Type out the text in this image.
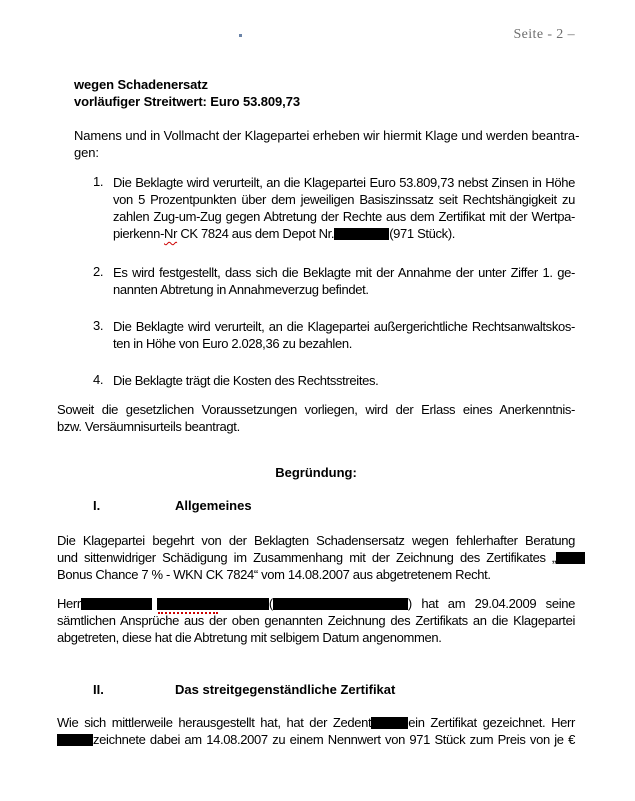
Seite - 2 –
wegen Schadenersatz
vorläufiger Streitwert: Euro 53.809,73
Namens und in Vollmacht der Klagepartei erheben wir hiermit Klage und werden beantra-
gen:
1. Die Beklagte wird verurteilt, an die Klagepartei Euro 53.809,73 nebst Zinsen in Höhe
von 5 Prozentpunkten über dem jeweiligen Basiszinssatz seit Rechtshängigkeit zu
zahlen Zug-um-Zug gegen Abtretung der Rechte aus dem Zertifikat mit der Wertpa-
pierkenn-Nr CK 7824 aus dem Depot Nr.	(971 Stück).
2. Es wird festgestellt, dass sich die Beklagte mit der Annahme der unter Ziffer 1. ge-
nannten Abtretung in Annahmeverzug befindet.
3. Die Beklagte wird verurteilt, an die Klagepartei außergerichtliche Rechtsanwaltskos-
ten in Höhe von Euro 2.028,36 zu bezahlen.
4. Die Beklagte trägt die Kosten des Rechtsstreites.
Soweit die gesetzlichen Voraussetzungen vorliegen, wird der Erlass eines Anerkenntnis-
bzw. Versäumnisurteils beantragt.
Begründung:
I.	Allgemeines
Die Klagepartei begehrt von der Beklagten Schadensersatz wegen fehlerhafter Beratung
und sittenwidriger Schädigung im Zusammenhang mit der Zeichnung des Zertifikates „
Bonus Chance 7 % - WKN CK 7824“ vom 14.08.2007 aus abgetretenem Recht.
Herr	(	) hat am 29.04.2009 seine
sämtlichen Ansprüche aus der oben genannten Zeichnung des Zertifikats an die Klagepartei
abgetreten, diese hat die Abtretung mit selbigem Datum angenommen.
II.	Das streitgegenständliche Zertifikat
Wie sich mittlerweile herausgestellt hat, hat der Zedent	ein Zertifikat gezeichnet. Herr
zeichnete dabei am 14.08.2007 zu einem Nennwert von 971 Stück zum Preis von je €
